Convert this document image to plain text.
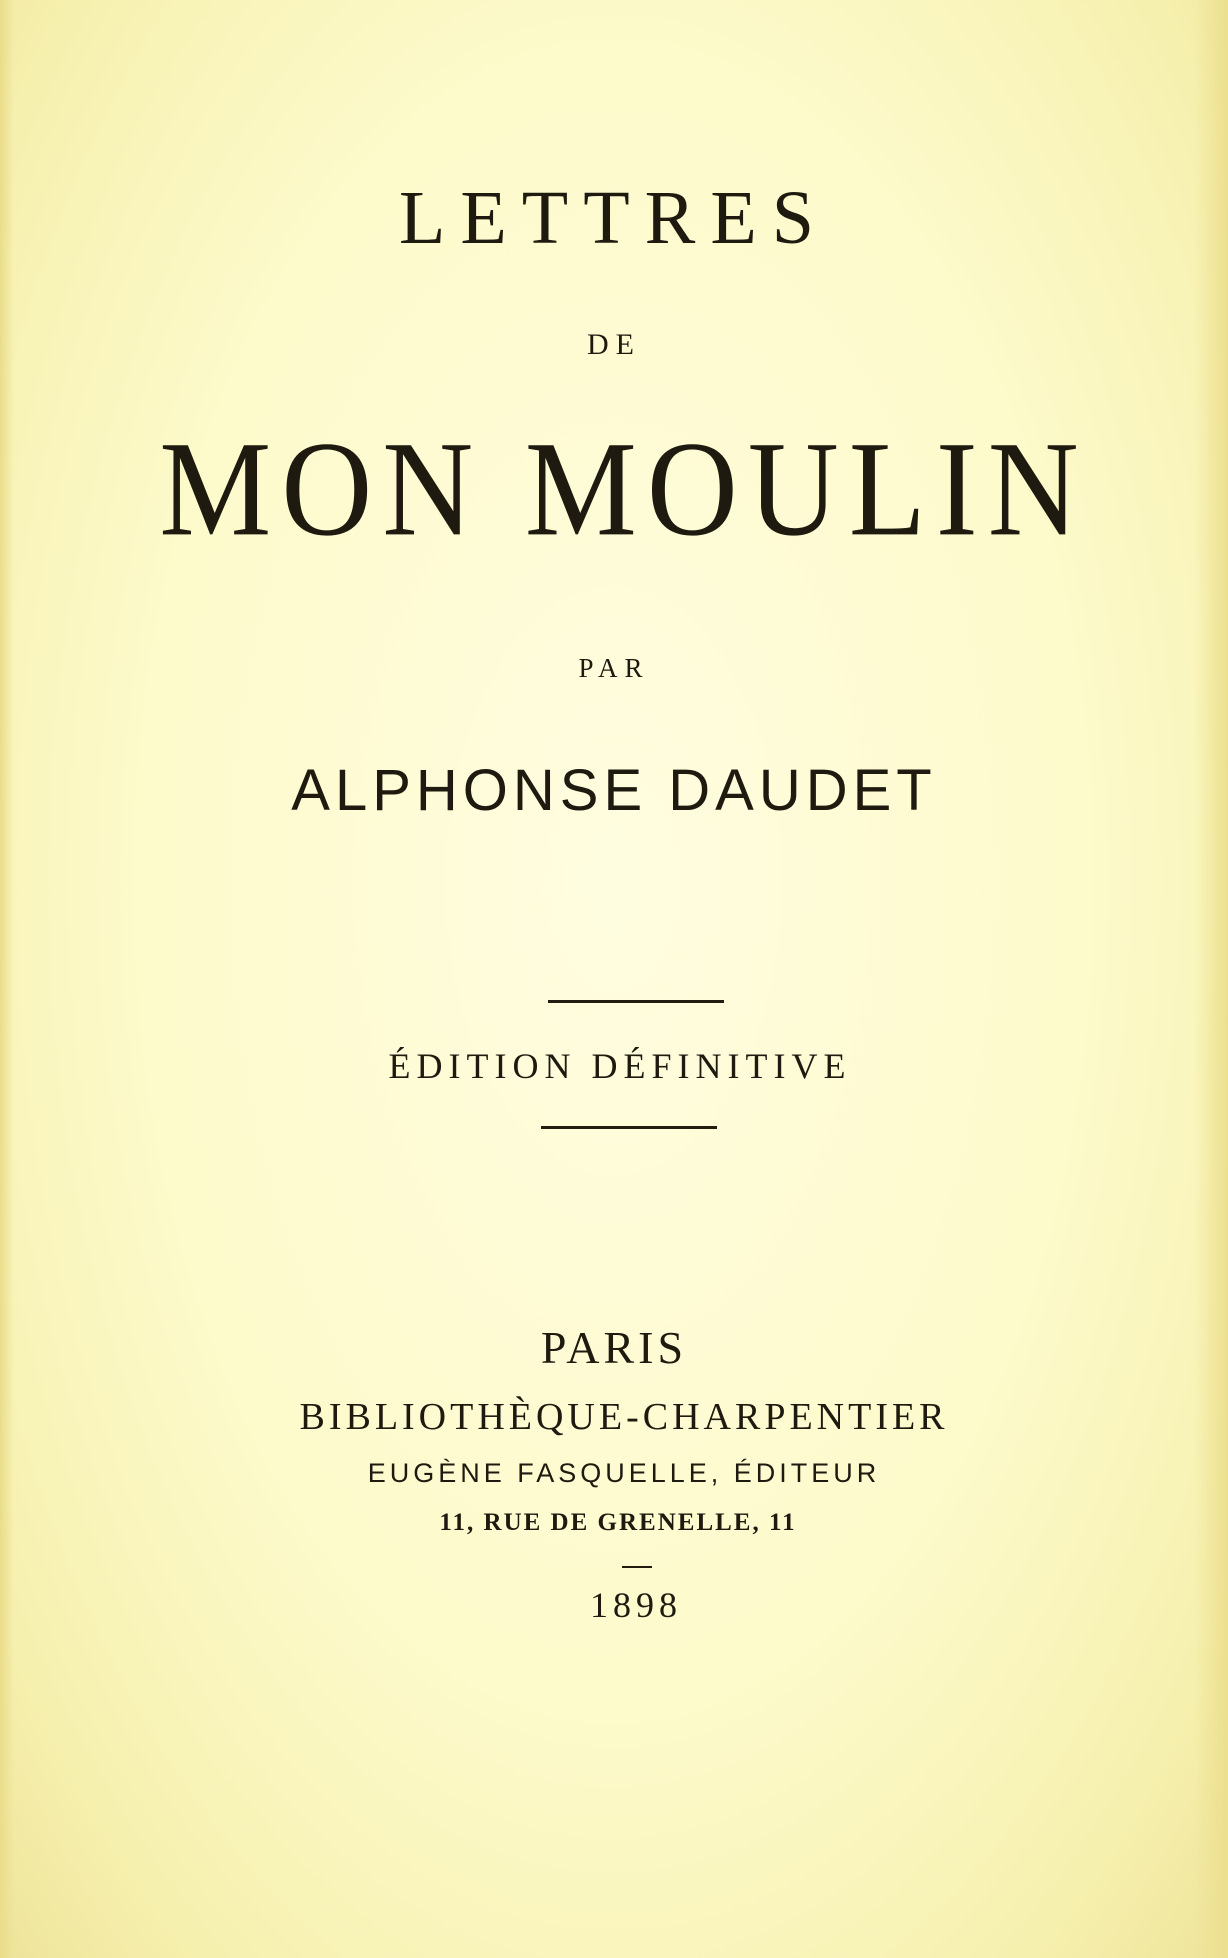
LETTRES
DE
MON MOULIN
PAR
ALPHONSE DAUDET
ÉDITION DÉFINITIVE
PARIS
BIBLIOTHÈQUE-CHARPENTIER
EUGÈNE FASQUELLE, ÉDITEUR
11, RUE DE GRENELLE, 11
1898
